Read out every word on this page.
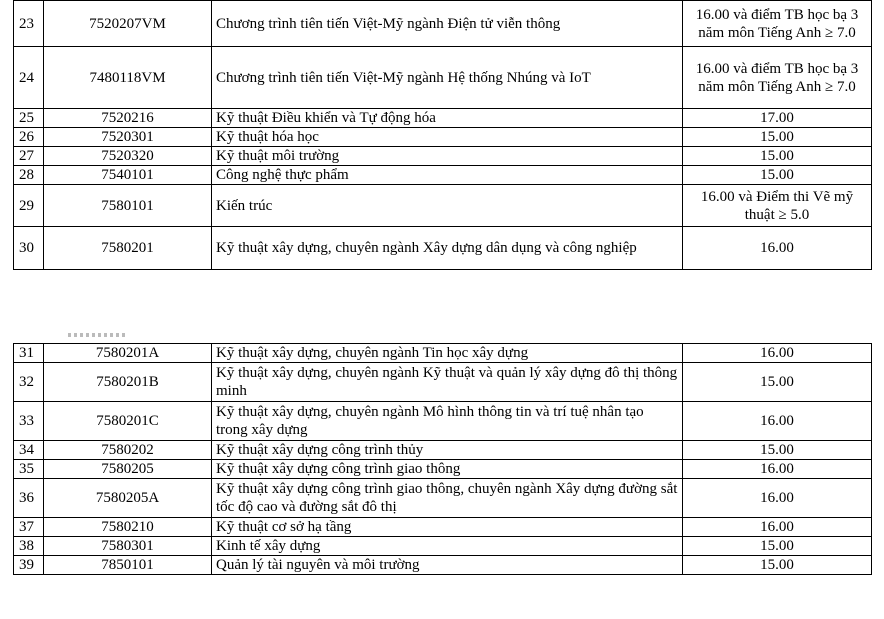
23	7520207VM	Chương trình tiên tiến Việt-Mỹ ngành Điện tử viễn thông	16.00 và điểm TB học bạ 3 năm môn Tiếng Anh ≥ 7.0
24	7480118VM	Chương trình tiên tiến Việt-Mỹ ngành Hệ thống Nhúng và IoT	16.00 và điểm TB học bạ 3 năm môn Tiếng Anh ≥ 7.0
25	7520216	Kỹ thuật Điều khiển và Tự động hóa	17.00
26	7520301	Kỹ thuật hóa học	15.00
27	7520320	Kỹ thuật môi trường	15.00
28	7540101	Công nghệ thực phẩm	15.00
29	7580101	Kiến trúc	16.00 và Điểm thi Vẽ mỹ thuật ≥ 5.0
30	7580201	Kỹ thuật xây dựng, chuyên ngành Xây dựng dân dụng và công nghiệp	16.00
31	7580201A	Kỹ thuật xây dựng, chuyên ngành Tin học xây dựng	16.00
32	7580201B	Kỹ thuật xây dựng, chuyên ngành Kỹ thuật và quản lý xây dựng đô thị thông minh	15.00
33	7580201C	Kỹ thuật xây dựng, chuyên ngành Mô hình thông tin và trí tuệ nhân tạo trong xây dựng	16.00
34	7580202	Kỹ thuật xây dựng công trình thủy	15.00
35	7580205	Kỹ thuật xây dựng công trình giao thông	16.00
36	7580205A	Kỹ thuật xây dựng công trình giao thông, chuyên ngành Xây dựng đường sắt tốc độ cao và đường sắt đô thị	16.00
37	7580210	Kỹ thuật cơ sở hạ tầng	16.00
38	7580301	Kinh tế xây dựng	15.00
39	7850101	Quản lý tài nguyên và môi trường	15.00
